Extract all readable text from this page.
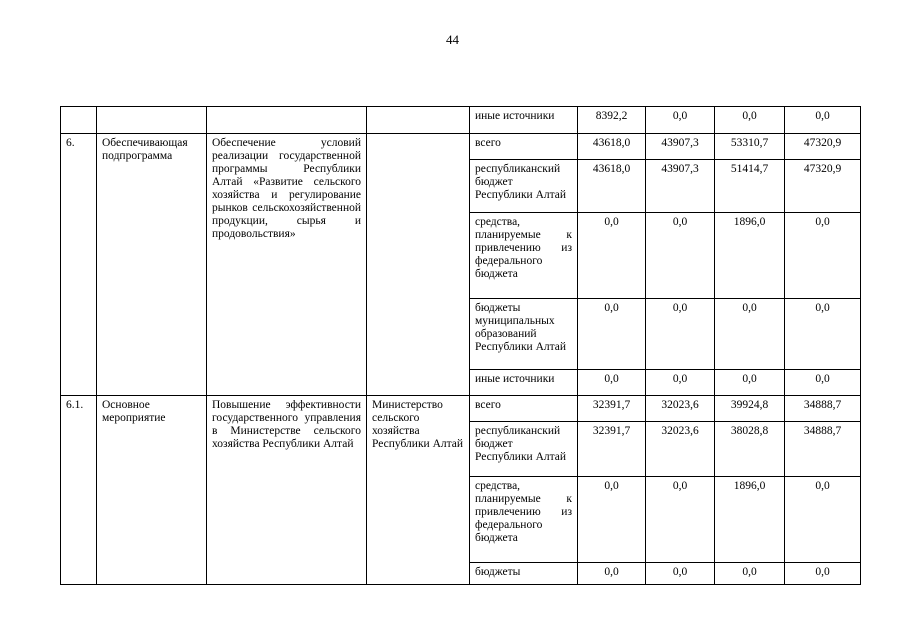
44
				иные источники	8392,2	0,0	0,0	0,0
6.	Обеспечивающая подпрограмма	Обеспечение условий реализации государственной программы Республики Алтай «Развитие сельского хозяйства и регулирование рынков сельскохозяйственной продукции, сырья и продовольствия»		всего	43618,0	43907,3	53310,7	47320,9
				республиканский бюджет Республики Алтай	43618,0	43907,3	51414,7	47320,9
				средства, планируемые к привлечению из федерального бюджета	0,0	0,0	1896,0	0,0
				бюджеты муниципальных образований Республики Алтай	0,0	0,0	0,0	0,0
				иные источники	0,0	0,0	0,0	0,0
6.1.	Основное мероприятие	Повышение эффективности государственного управления в Министерстве сельского хозяйства Республики Алтай	Министерство сельского хозяйства Республики Алтай	всего	32391,7	32023,6	39924,8	34888,7
				республиканский бюджет Республики Алтай	32391,7	32023,6	38028,8	34888,7
				средства, планируемые к привлечению из федерального бюджета	0,0	0,0	1896,0	0,0
				бюджеты	0,0	0,0	0,0	0,0
